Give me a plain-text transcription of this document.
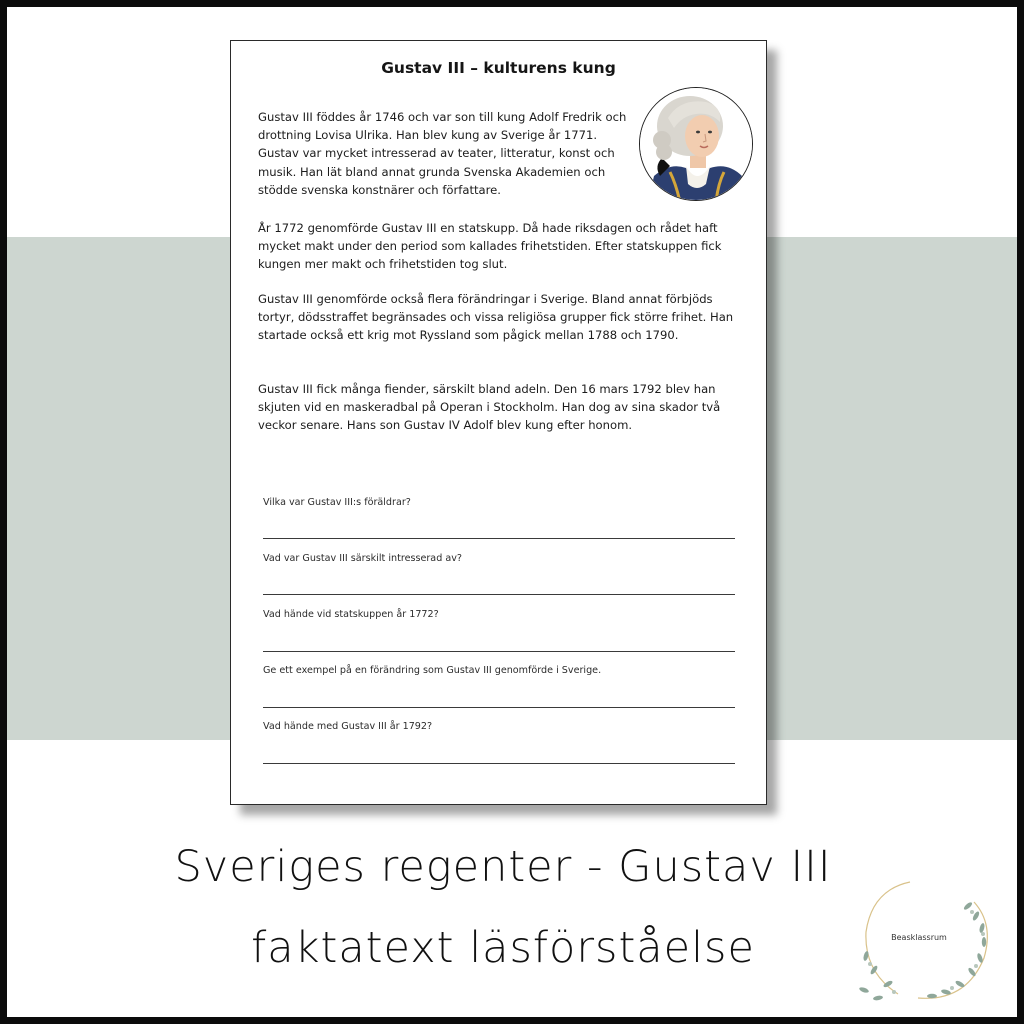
Gustav III – kulturens kung

Gustav III föddes år 1746 och var son till kung Adolf Fredrik och drottning Lovisa Ulrika. Han blev kung av Sverige år 1771. Gustav var mycket intresserad av teater, litteratur, konst och musik. Han lät bland annat grunda Svenska Akademien och stödde svenska konstnärer och författare.

År 1772 genomförde Gustav III en statskupp. Då hade riksdagen och rådet haft mycket makt under den period som kallades frihetstiden. Efter statskuppen fick kungen mer makt och frihetstiden tog slut.

Gustav III genomförde också flera förändringar i Sverige. Bland annat förbjöds tortyr, dödsstraffet begränsades och vissa religiösa grupper fick större frihet. Han startade också ett krig mot Ryssland som pågick mellan 1788 och 1790.

Gustav III fick många fiender, särskilt bland adeln. Den 16 mars 1792 blev han skjuten vid en maskeradbal på Operan i Stockholm. Han dog av sina skador två veckor senare. Hans son Gustav IV Adolf blev kung efter honom.

Vilka var Gustav III:s föräldrar?
Vad var Gustav III särskilt intresserad av?
Vad hände vid statskuppen år 1772?
Ge ett exempel på en förändring som Gustav III genomförde i Sverige.
Vad hände med Gustav III år 1792?
Sveriges regenter - Gustav III
faktatext läsförståelse	Beasklassrum
